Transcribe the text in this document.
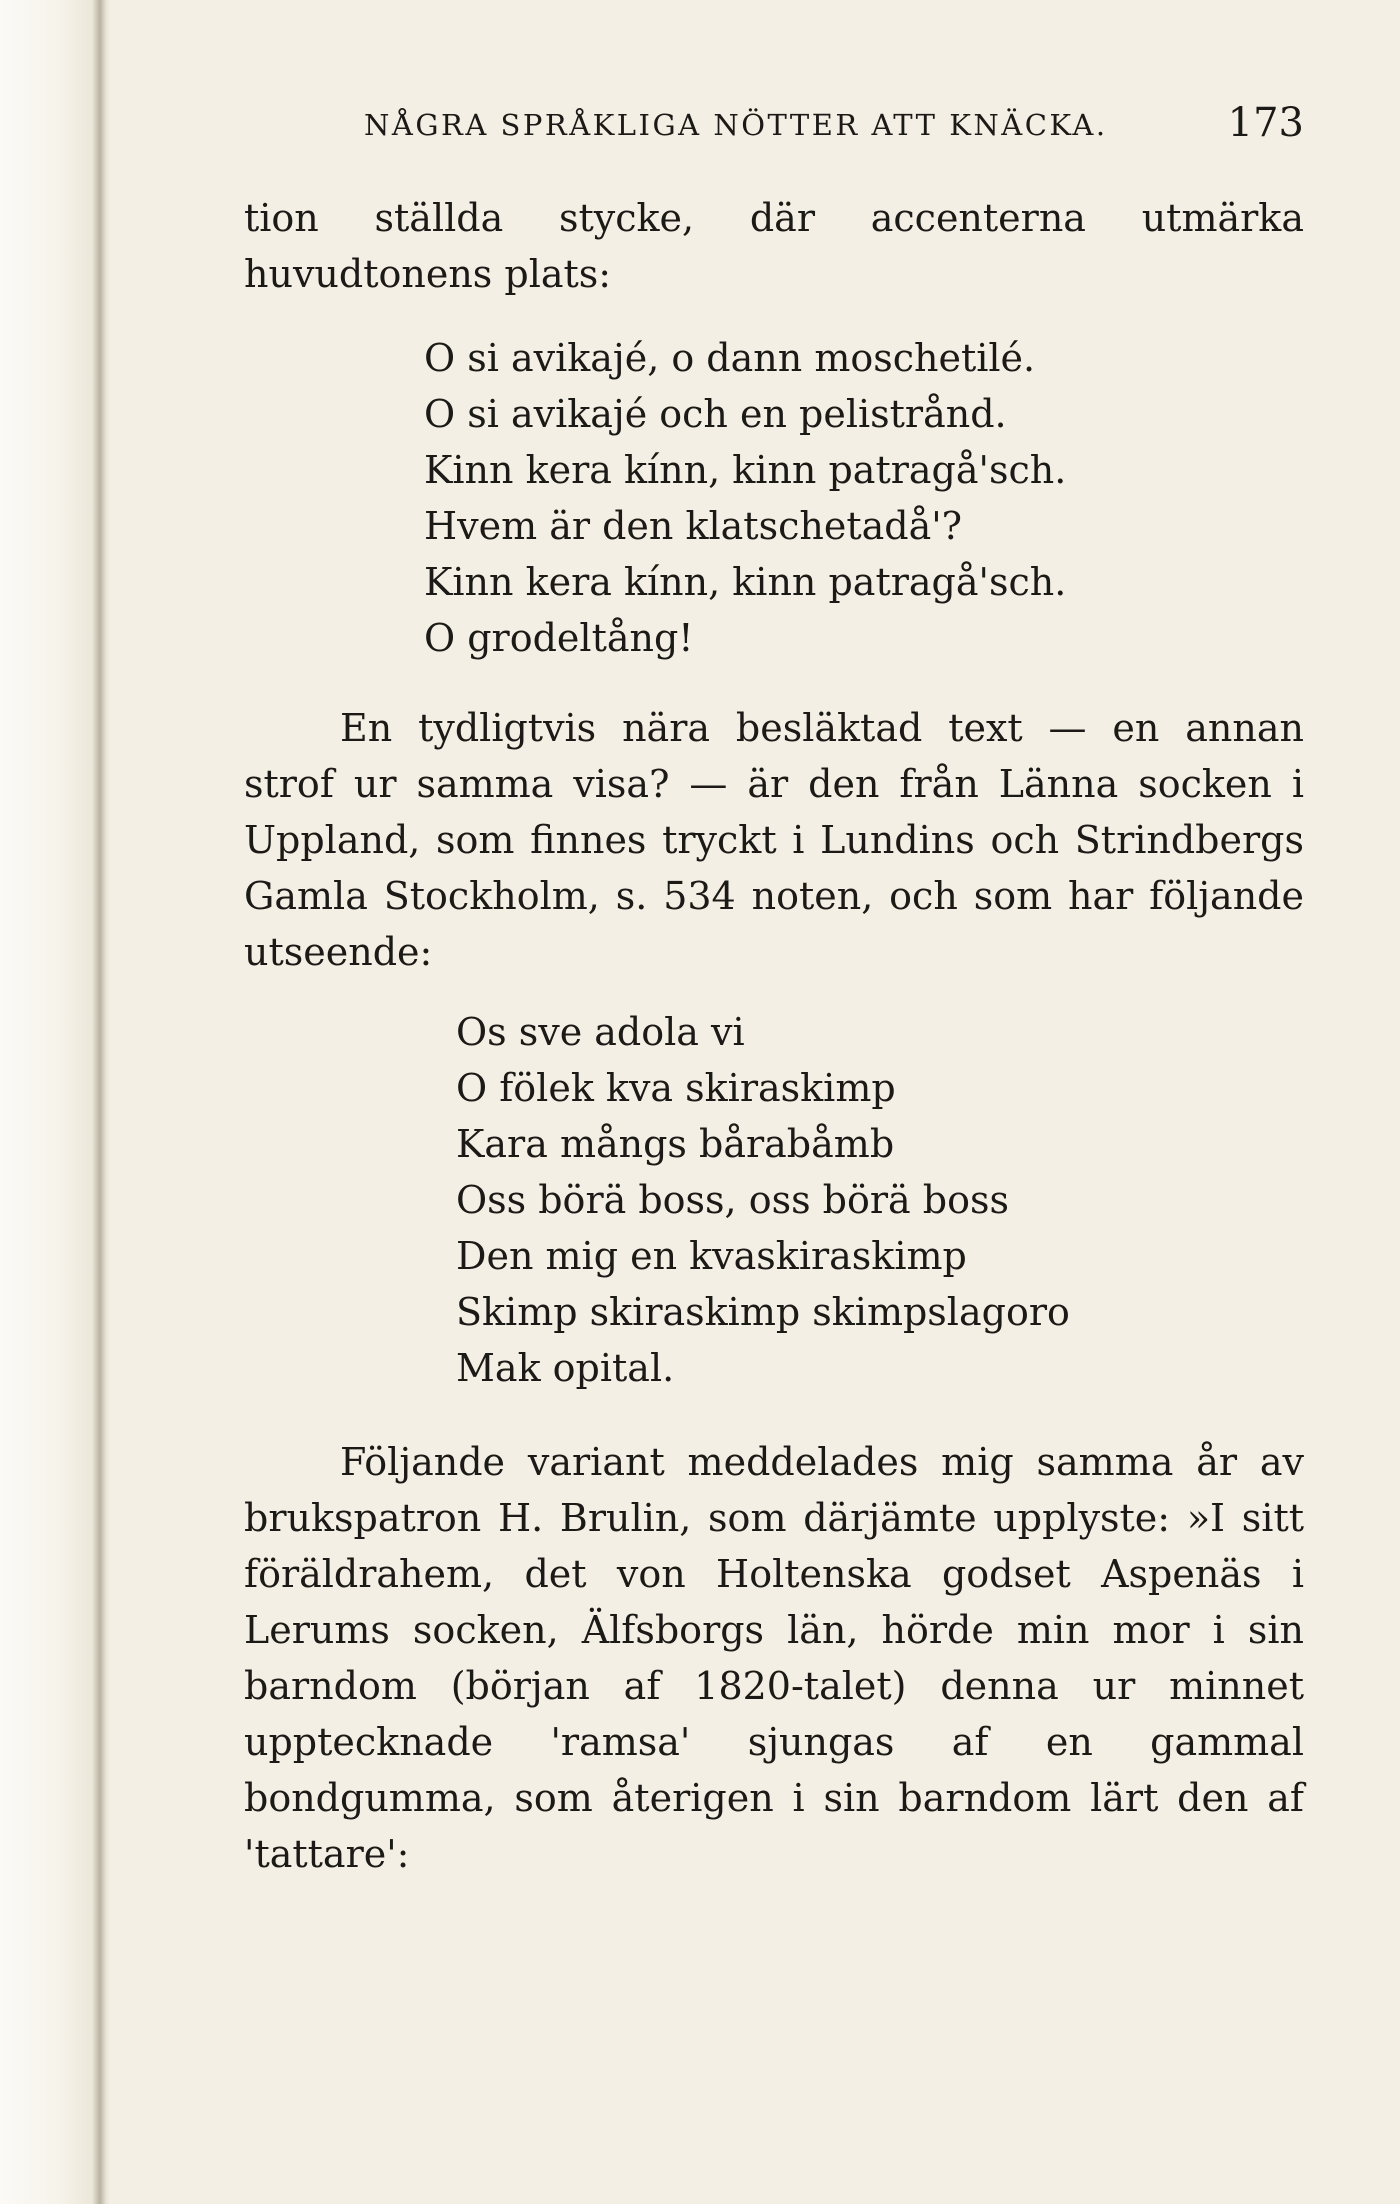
NÅGRA SPRÅKLIGA NÖTTER ATT KNÄCKA.	173
tion ställda stycke, där accenterna utmärka huvudtonens plats:
O si avikajé, o dann moschetilé.
O si avikajé och en pelistrånd.
Kinn kera kínn, kinn patragå'sch.
Hvem är den klatschetadå'?
Kinn kera kínn, kinn patragå'sch.
O grodeltång!
En tydligtvis nära besläktad text — en annan strof ur samma visa? — är den från Länna socken i Uppland, som finnes tryckt i Lundins och Strindbergs Gamla Stockholm, s. 534 noten, och som har följande utseende:
Os sve adola vi
O fölek kva skiraskimp
Kara mångs bårabåmb
Oss börä boss, oss börä boss
Den mig en kvaskiraskimp
Skimp skiraskimp skimpslagoro
Mak opital.
Följande variant meddelades mig samma år av brukspatron H. Brulin, som därjämte upplyste: »I sitt föräldrahem, det von Holtenska godset Aspenäs i Lerums socken, Älfsborgs län, hörde min mor i sin barndom (början af 1820-talet) denna ur minnet upptecknade 'ramsa' sjungas af en gammal bondgumma, som återigen i sin barndom lärt den af 'tattare':
